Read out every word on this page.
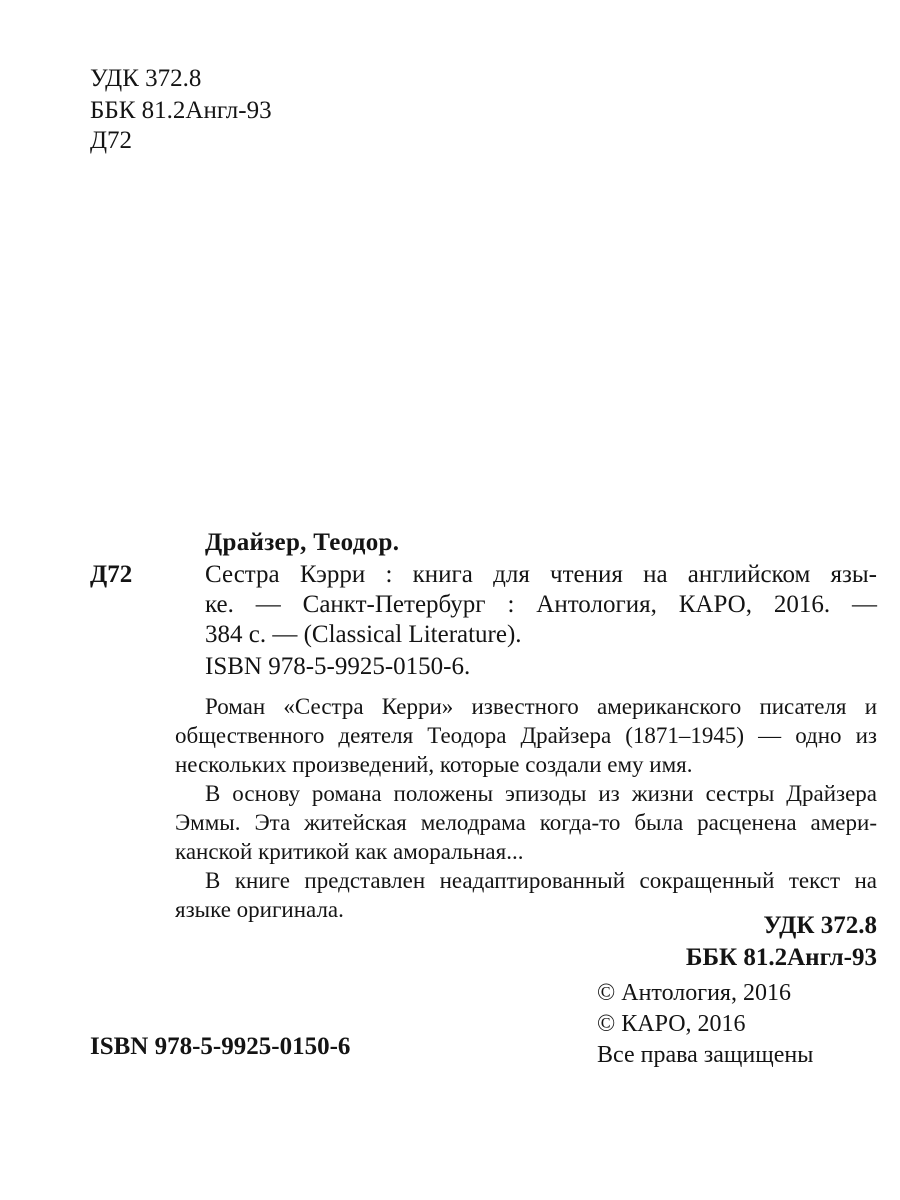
УДК 372.8

ББК 81.2Англ-93

Д72

Драйзер, Теодор.

Д72	Сестра Кэрри : книга для чтения на английском язы-
ке. — Санкт-Петербург : Антология, КАРО, 2016. —
384 с. — (Classical Literature).

ISBN 978-5-9925-0150-6.

Роман «Сестра Керри» известного американского писателя и
общественного деятеля Теодора Драйзера (1871–1945) — одно из
нескольких произведений, которые создали ему имя.
В основу романа положены эпизоды из жизни сестры Драйзера
Эммы. Эта житейская мелодрама когда-то была расценена амери-
канской критикой как аморальная...
В книге представлен неадаптированный сокращенный текст на
языке оригинала.
УДК 372.8
ББК 81.2Англ-93
© Антология, 2016
© КАРО, 2016
Все права защищены

ISBN 978-5-9925-0150-6
